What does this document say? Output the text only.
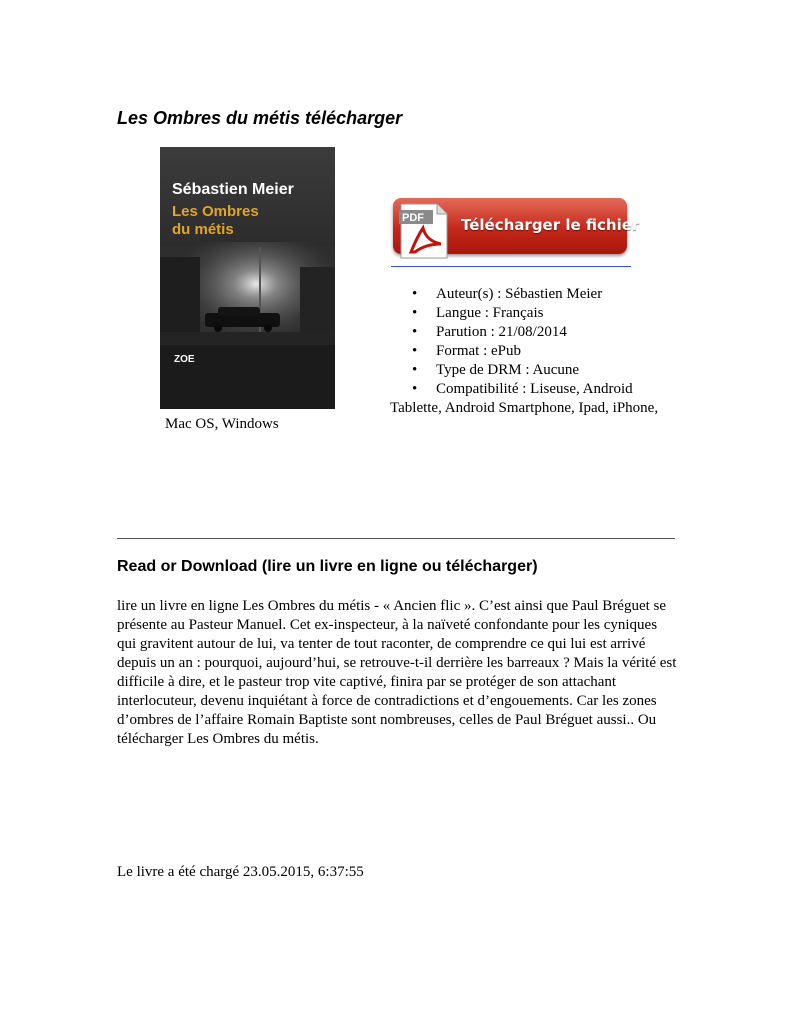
Les Ombres du métis télécharger
Sébastien Meier
Les Ombres
du métis
ZOE
Mac OS, Windows
Télécharger le fichier
PDF
• Auteur(s) : Sébastien Meier
• Langue : Français
• Parution : 21/08/2014
• Format : ePub
• Type de DRM : Aucune
• Compatibilité : Liseuse, Android
Tablette, Android Smartphone, Ipad, iPhone,
Read or Download (lire un livre en ligne ou télécharger)

lire un livre en ligne Les Ombres du métis - « Ancien flic ». C’est ainsi que Paul Bréguet se présente au Pasteur Manuel. Cet ex-inspecteur, à la naïveté confondante pour les cyniques qui gravitent autour de lui, va tenter de tout raconter, de comprendre ce qui lui est arrivé depuis un an : pourquoi, aujourd’hui, se retrouve-t-il derrière les barreaux ? Mais la vérité est difficile à dire, et le pasteur trop vite captivé, finira par se protéger de son attachant interlocuteur, devenu inquiétant à force de contradictions et d’engouements. Car les zones d’ombres de l’affaire Romain Baptiste sont nombreuses, celles de Paul Bréguet aussi.. Ou télécharger Les Ombres du métis.

Le livre a été chargé 23.05.2015, 6:37:55
